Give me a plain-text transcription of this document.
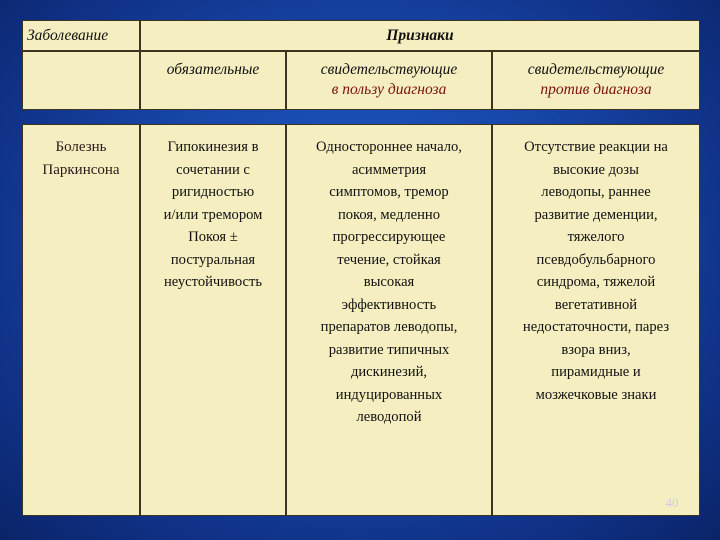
Заболевание	Признаки
обязательные	свидетельствующие
в пользу диагноза
свидетельствующие
против диагноза
Болезнь
Паркинсона
Гипокинезия в
сочетании с
ригидностью
и/или тремором
Покоя ±
постуральная
неустойчивость
Одностороннее начало,
асимметрия
симптомов, тремор
покоя, медленно
прогрессирующее
течение, стойкая
высокая
эффективность
препаратов леводопы,
развитие типичных
дискинезий,
индуцированных
леводопой
Отсутствие реакции на
высокие дозы
леводопы, раннее
развитие деменции,
тяжелого
псевдобульбарного
синдрома, тяжелой
вегетативной
недостаточности, парез
взора вниз,
пирамидные и
мозжечковые знаки
40
